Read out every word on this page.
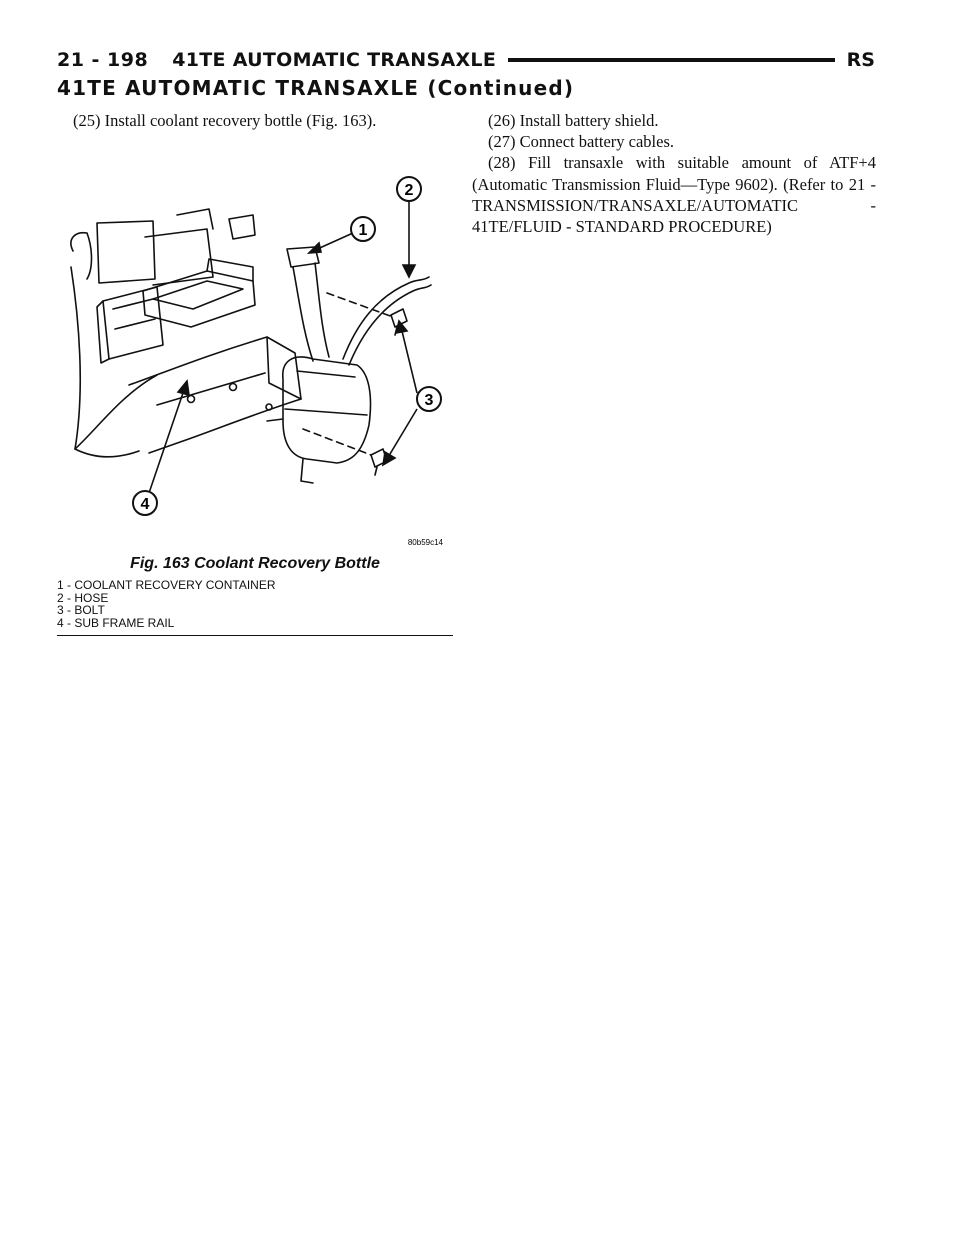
21 - 198 41TE AUTOMATIC TRANSAXLE	RS
41TE AUTOMATIC TRANSAXLE (Continued)

(25) Install coolant recovery bottle (Fig. 163).

1
2
3
4
80b59c14
Fig. 163 Coolant Recovery Bottle
1 - COOLANT RECOVERY CONTAINER
2 - HOSE
3 - BOLT
4 - SUB FRAME RAIL

(26) Install battery shield.

(27) Connect battery cables.

(28) Fill transaxle with suitable amount of ATF+4 (Automatic Transmission Fluid—Type 9602). (Refer to 21 - TRANSMISSION/TRANSAXLE/AUTOMATIC - 41TE/FLUID - STANDARD PROCEDURE)
